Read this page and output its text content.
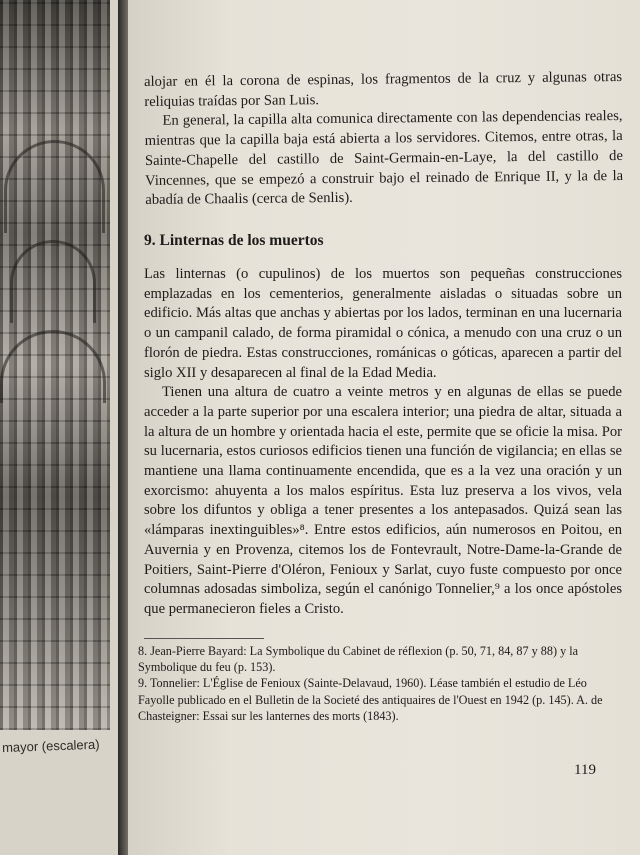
mayor (escalera)

alojar en él la corona de espinas, los fragmentos de la cruz y algunas otras reliquias traídas por San Luis.

En general, la capilla alta comunica directamente con las dependencias reales, mientras que la capilla baja está abierta a los servidores. Citemos, entre otras, la Sainte-Chapelle del castillo de Saint-Germain-en-Laye, la del castillo de Vincennes, que se empezó a construir bajo el reinado de Enrique II, y la de la abadía de Chaalis (cerca de Senlis).

9. Linternas de los muertos

Las linternas (o cupulinos) de los muertos son pequeñas construcciones emplazadas en los cementerios, generalmente aisladas o situadas sobre un edificio. Más altas que anchas y abiertas por los lados, terminan en una lucernaria o un campanil calado, de forma piramidal o cónica, a menudo con una cruz o un florón de piedra. Estas construcciones, románicas o góticas, aparecen a partir del siglo XII y desaparecen al final de la Edad Media.

Tienen una altura de cuatro a veinte metros y en algunas de ellas se puede acceder a la parte superior por una escalera interior; una piedra de altar, situada a la altura de un hombre y orientada hacia el este, permite que se oficie la misa. Por su lucernaria, estos curiosos edificios tienen una función de vigilancia; en ellas se mantiene una llama continuamente encendida, que es a la vez una oración y un exorcismo: ahuyenta a los malos espíritus. Esta luz preserva a los vivos, vela sobre los difuntos y obliga a tener presentes a los antepasados. Quizá sean las «lámparas inextinguibles»⁸. Entre estos edificios, aún numerosos en Poitou, en Auvernia y en Provenza, citemos los de Fontevrault, Notre-Dame-la-Grande de Poitiers, Saint-Pierre d'Oléron, Fenioux y Sarlat, cuyo fuste compuesto por once columnas adosadas simboliza, según el canónigo Tonnelier,⁹ a los once apóstoles que permanecieron fieles a Cristo.

8. Jean-Pierre Bayard: La Symbolique du Cabinet de réflexion (p. 50, 71, 84, 87 y 88) y la Symbolique du feu (p. 153).

9. Tonnelier: L'Église de Fenioux (Sainte-Delavaud, 1960). Léase también el estudio de Léo Fayolle publicado en el Bulletin de la Societé des antiquaires de l'Ouest en 1942 (p. 145). A. de Chasteigner: Essai sur les lanternes des morts (1843).

119
